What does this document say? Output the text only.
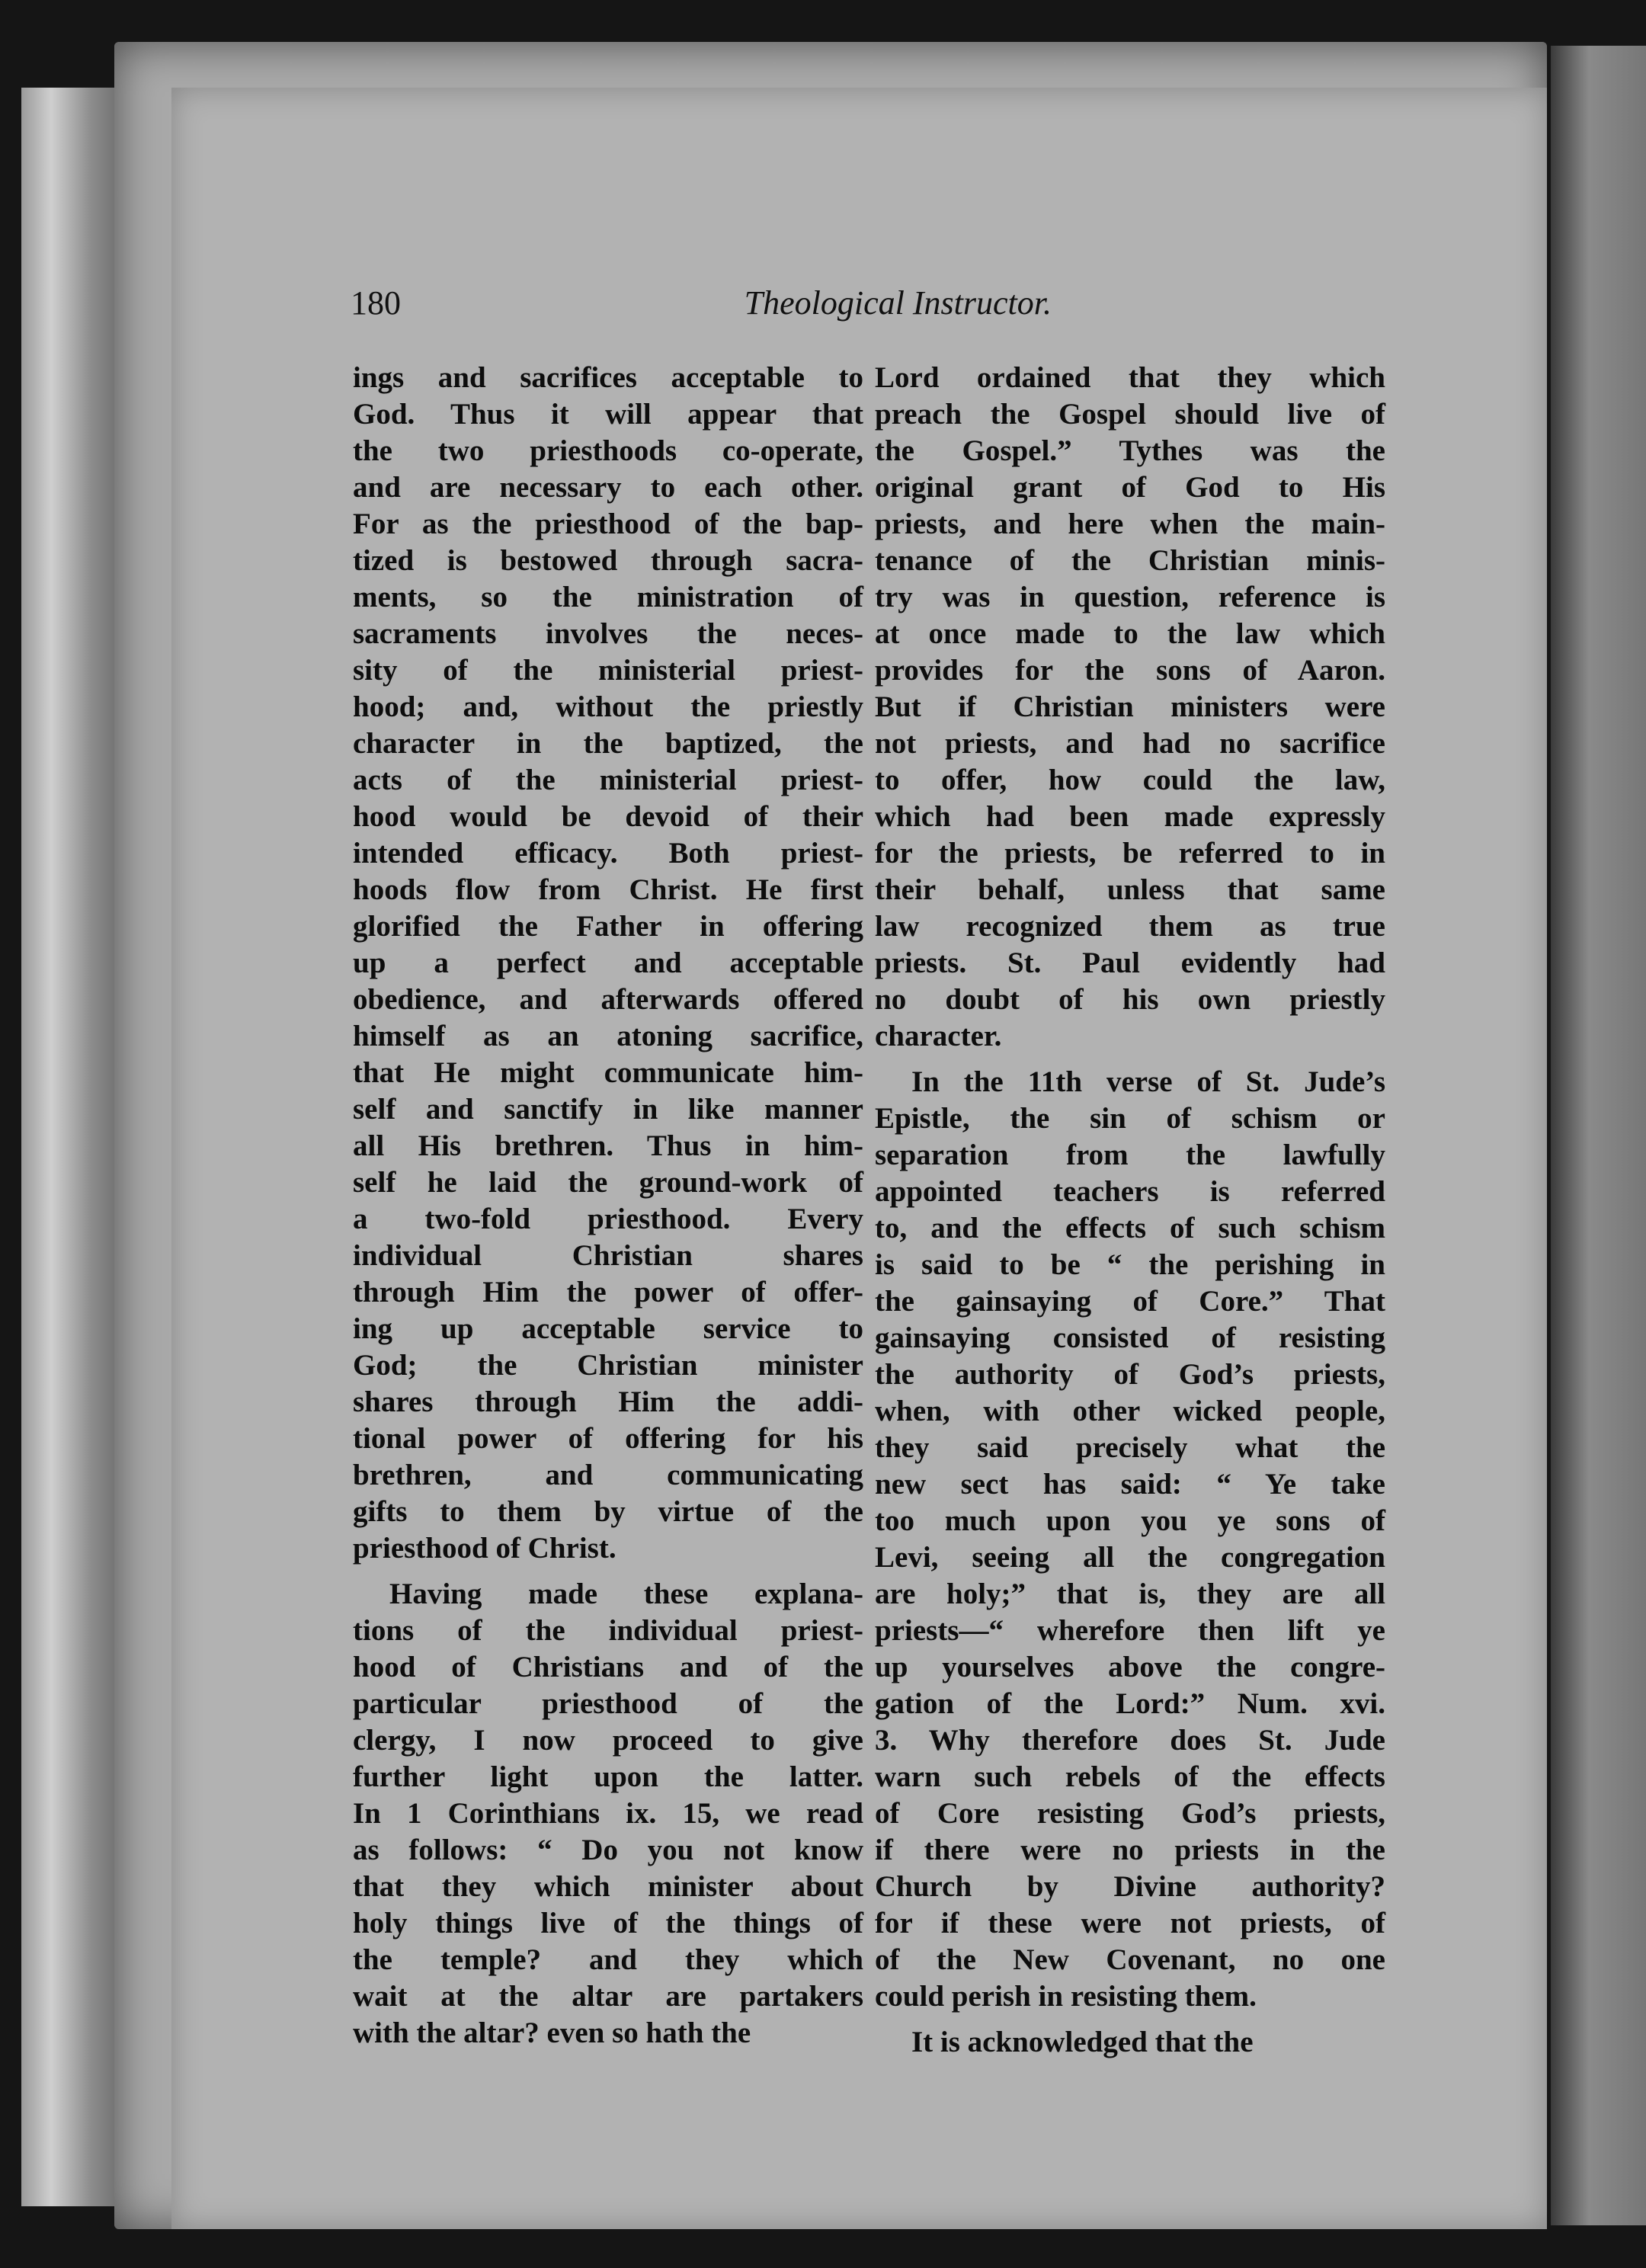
180	Theological Instructor.
ings and sacrifices acceptable to
God. Thus it will appear that
the two priesthoods co-operate,
and are necessary to each other.
For as the priesthood of the bap-
tized is bestowed through sacra-
ments, so the ministration of
sacraments involves the neces-
sity of the ministerial priest-
hood; and, without the priestly
character in the baptized, the
acts of the ministerial priest-
hood would be devoid of their
intended efficacy. Both priest-
hoods flow from Christ. He first
glorified the Father in offering
up a perfect and acceptable
obedience, and afterwards offered
himself as an atoning sacrifice,
that He might communicate him-
self and sanctify in like manner
all His brethren. Thus in him-
self he laid the ground-work of
a two-fold priesthood. Every
individual Christian shares
through Him the power of offer-
ing up acceptable service to
God; the Christian minister
shares through Him the addi-
tional power of offering for his
brethren, and communicating
gifts to them by virtue of the
priesthood of Christ.
Having made these explana-
tions of the individual priest-
hood of Christians and of the
particular priesthood of the
clergy, I now proceed to give
further light upon the latter.
In 1 Corinthians ix. 15, we read
as follows: “ Do you not know
that they which minister about
holy things live of the things of
the temple? and they which
wait at the altar are partakers
with the altar? even so hath the
Lord ordained that they which
preach the Gospel should live of
the Gospel.” Tythes was the
original grant of God to His
priests, and here when the main-
tenance of the Christian minis-
try was in question, reference is
at once made to the law which
provides for the sons of Aaron.
But if Christian ministers were
not priests, and had no sacrifice
to offer, how could the law,
which had been made expressly
for the priests, be referred to in
their behalf, unless that same
law recognized them as true
priests. St. Paul evidently had
no doubt of his own priestly
character.
In the 11th verse of St. Jude’s
Epistle, the sin of schism or
separation from the lawfully
appointed teachers is referred
to, and the effects of such schism
is said to be “ the perishing in
the gainsaying of Core.” That
gainsaying consisted of resisting
the authority of God’s priests,
when, with other wicked people,
they said precisely what the
new sect has said: “ Ye take
too much upon you ye sons of
Levi, seeing all the congregation
are holy;” that is, they are all
priests—“ wherefore then lift ye
up yourselves above the congre-
gation of the Lord:” Num. xvi.
3. Why therefore does St. Jude
warn such rebels of the effects
of Core resisting God’s priests,
if there were no priests in the
Church by Divine authority?
for if these were not priests, of
of the New Covenant, no one
could perish in resisting them.
It is acknowledged that the
